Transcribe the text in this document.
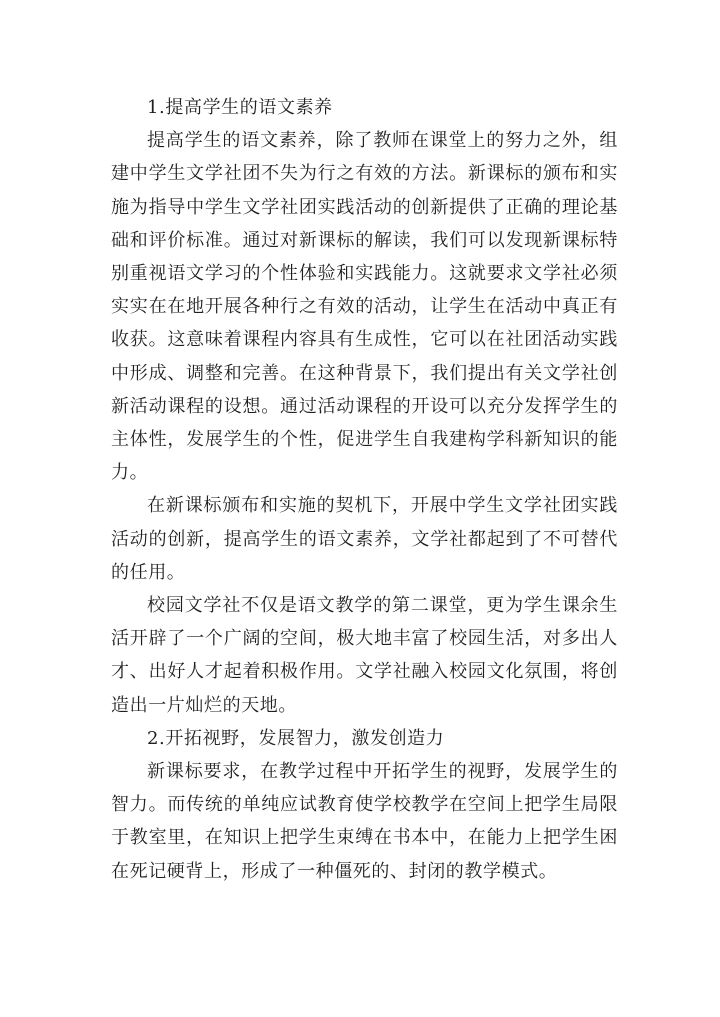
1.提高学生的语文素养

提高学生的语文素养，除了教师在课堂上的努力之外，组建中学生文学社团不失为行之有效的方法。新课标的颁布和实施为指导中学生文学社团实践活动的创新提供了正确的理论基础和评价标准。通过对新课标的解读，我们可以发现新课标特别重视语文学习的个性体验和实践能力。这就要求文学社必须实实在在地开展各种行之有效的活动，让学生在活动中真正有收获。这意味着课程内容具有生成性，它可以在社团活动实践中形成、调整和完善。在这种背景下，我们提出有关文学社创新活动课程的设想。通过活动课程的开设可以充分发挥学生的主体性，发展学生的个性，促进学生自我建构学科新知识的能力。

在新课标颁布和实施的契机下，开展中学生文学社团实践活动的创新，提高学生的语文素养，文学社都起到了不可替代的任用。

校园文学社不仅是语文教学的第二课堂，更为学生课余生活开辟了一个广阔的空间，极大地丰富了校园生活，对多出人才、出好人才起着积极作用。文学社融入校园文化氛围，将创造出一片灿烂的天地。

2.开拓视野，发展智力，激发创造力

新课标要求，在教学过程中开拓学生的视野，发展学生的智力。而传统的单纯应试教育使学校教学在空间上把学生局限于教室里，在知识上把学生束缚在书本中，在能力上把学生困在死记硬背上，形成了一种僵死的、封闭的教学模式。
